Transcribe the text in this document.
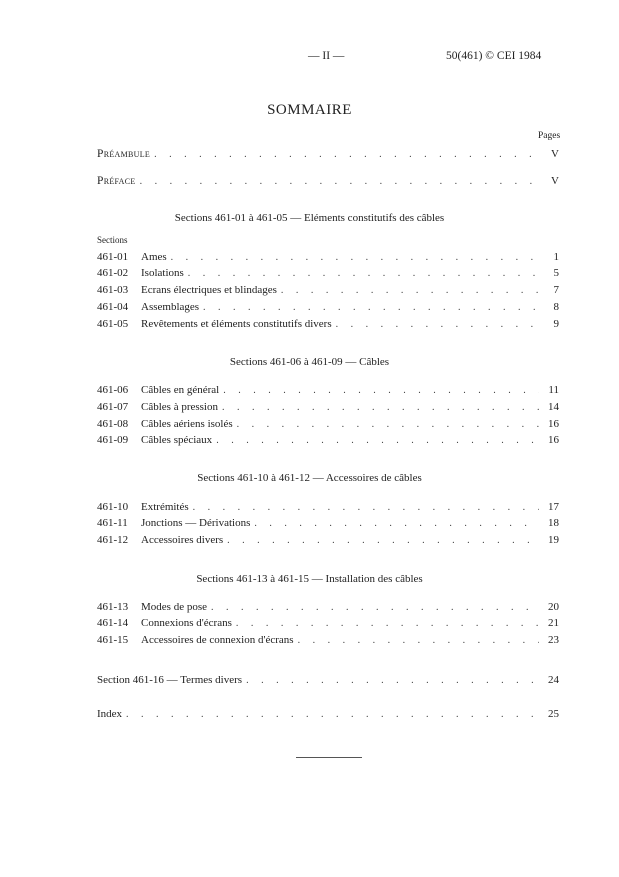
— II —	50(461) © CEI 1984
SOMMAIRE
Pages
Préambule . . .	V
Préface . . .	V
Sections 461-01 à 461-05 — Eléments constitutifs des câbles
Sections
461-01	Ames . . .	1
461-02	Isolations . . .	5
461-03	Ecrans électriques et blindages . . .	7
461-04	Assemblages . . .	8
461-05	Revêtements et éléments constitutifs divers . . .	9
Sections 461-06 à 461-09 — Câbles
461-06	Câbles en général . . .	11
461-07	Câbles à pression . . .	14
461-08	Câbles aériens isolés . . .	16
461-09	Câbles spéciaux . . .	16
Sections 461-10 à 461-12 — Accessoires de câbles
461-10	Extrémités . . .	17
461-11	Jonctions — Dérivations . . .	18
461-12	Accessoires divers . . .	19
Sections 461-13 à 461-15 — Installation des câbles
461-13	Modes de pose . . .	20
461-14	Connexions d'écrans . . .	21
461-15	Accessoires de connexion d'écrans . . .	23
Section 461-16 — Termes divers . . .	24
Index . . .	25
